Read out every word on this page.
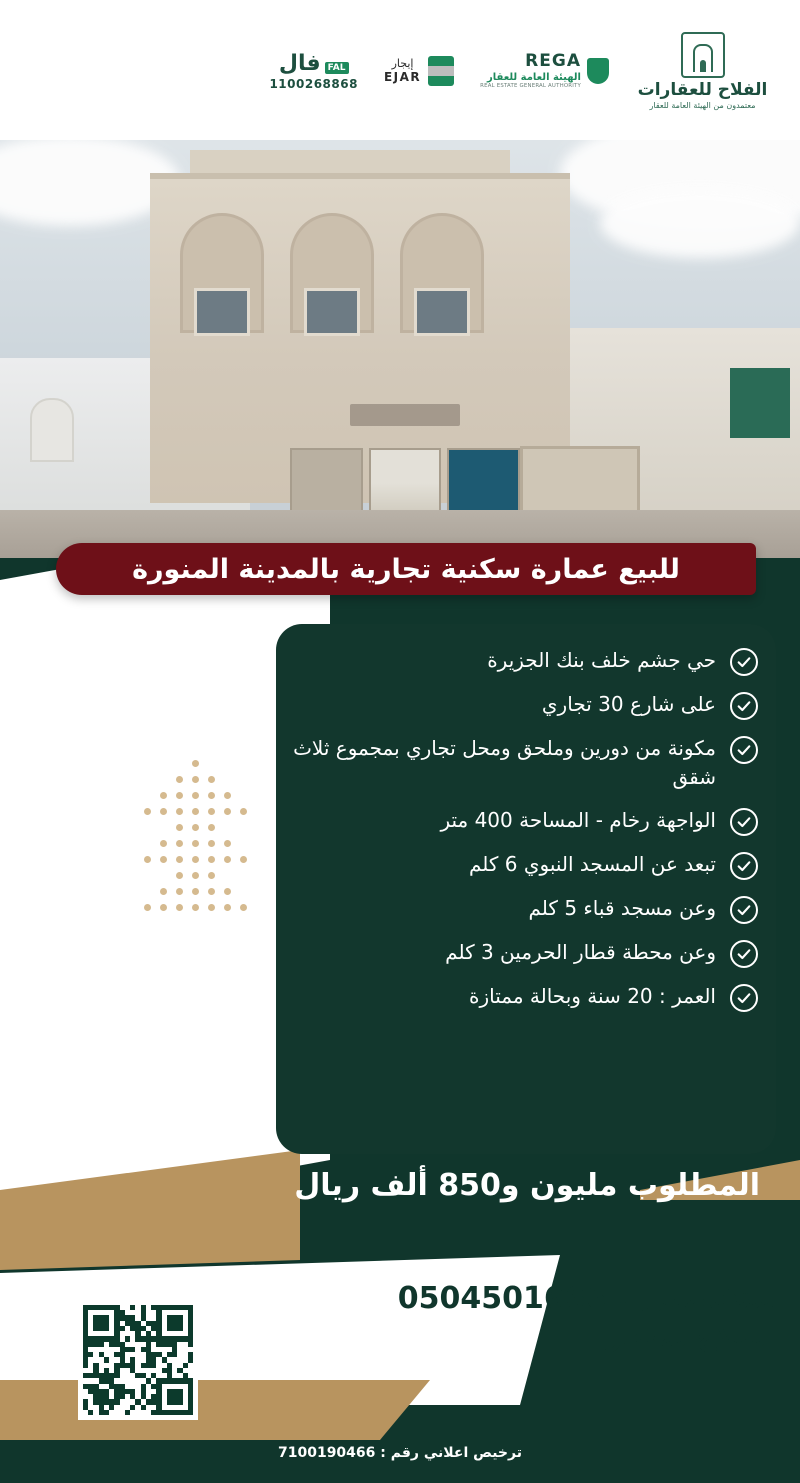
الفلاح للعقارات
معتمدون من الهيئة العامة للعقار
REGA
الهيئة العامة للعقار
REAL ESTATE GENERAL AUTHORITY
إيجار
EJAR
FAL
فال
1100268868
للبيع عمارة سكنية تجارية بالمدينة المنورة
حي جشم خلف بنك الجزيرة
على شارع 30 تجاري
مكونة من دورين وملحق ومحل تجاري بمجموع ثلاث شقق
الواجهة رخام - المساحة 400 متر
تبعد عن المسجد النبوي 6 كلم
وعن مسجد قباء 5 كلم
وعن محطة قطار الحرمين 3 كلم
العمر : 20 سنة وبحالة ممتازة
المطلوب مليون و850 ألف ريال
للتفاصيل : 0504501666
الفلاح للعقار
ترخيص اعلاني رقم : 7100190466
